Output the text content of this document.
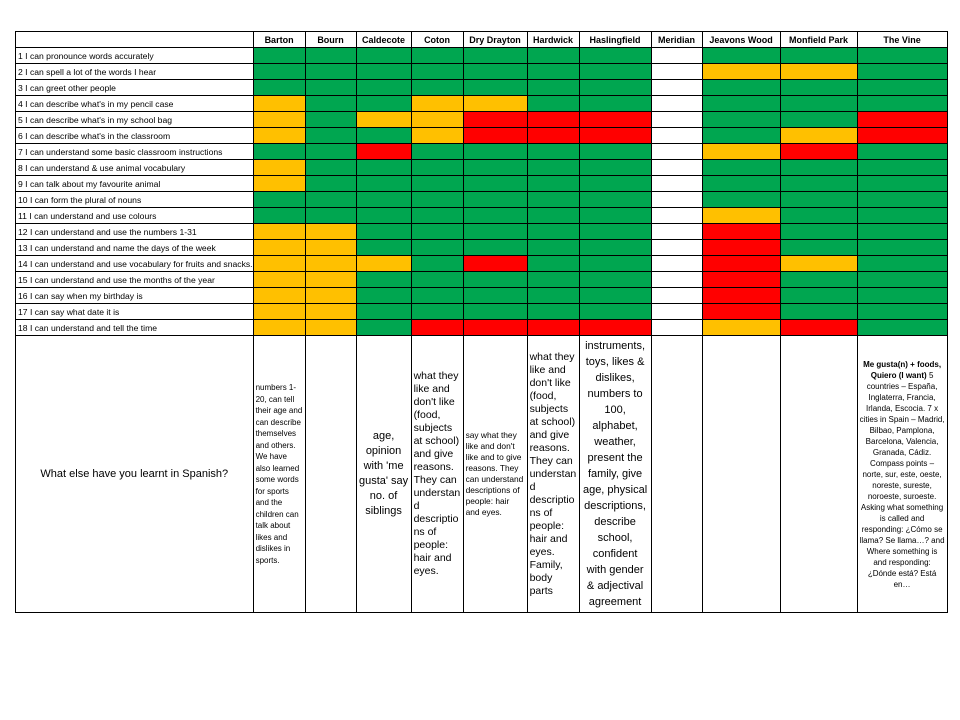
	Barton	Bourn	Caldecote	Coton	Dry Drayton	Hardwick	Haslingfield	Meridian	Jeavons Wood	Monfield Park	The Vine
1 I can pronounce words accurately											
2 I can spell a lot of the words I hear											
3 I can greet other people											
4 I can describe what's in my pencil case											
5 I can describe what's in my school bag											
6 I can describe what's in the classroom											
7 I can understand some basic classroom instructions											
8 I can understand & use animal vocabulary											
9 I can talk about my favourite animal											
10 I can form the plural of nouns											
11 I can understand and use colours											
12 I can understand and use the numbers 1-31											
13 I can understand and name the days of the week											
14 I can understand and use vocabulary for fruits and snacks.											
15 I can understand and use the months of the year											
16 I can say when my birthday is											
17 I can say what date it is											
18 I can understand and tell the time											
What else have you learnt in Spanish?	numbers 1-20, can tell their age and can describe themselves and others. We have also learned some words for sports and the children can talk about likes and dislikes in sports.		age, opinion with 'me gusta' say no. of siblings	what they like and don't like (food, subjects at school) and give reasons. They can understan d descriptio ns of people: hair and eyes.	say what they like and don't like and to give reasons. They can understand descriptions of people: hair and eyes.	what they like and don't like (food, subjects at school) and give reasons. They can understan d descriptio ns of people: hair and eyes. Family, body parts	instruments, toys, likes & dislikes, numbers to 100, alphabet, weather, present the family, give age, physical descriptions, describe school, confident with gender & adjectival agreement				Me gusta(n) + foods, Quiero (I want) 5 countries – España, Inglaterra, Francia, Irlanda, Escocia. 7 x cities in Spain – Madrid, Bilbao, Pamplona, Barcelona, Valencia, Granada, Cádiz. Compass points – norte, sur, este, oeste, noreste, sureste, noroeste, suroeste. Asking what something is called and responding: ¿Cómo se llama? Se llama…? and Where something is and responding: ¿Dónde está? Está en…
